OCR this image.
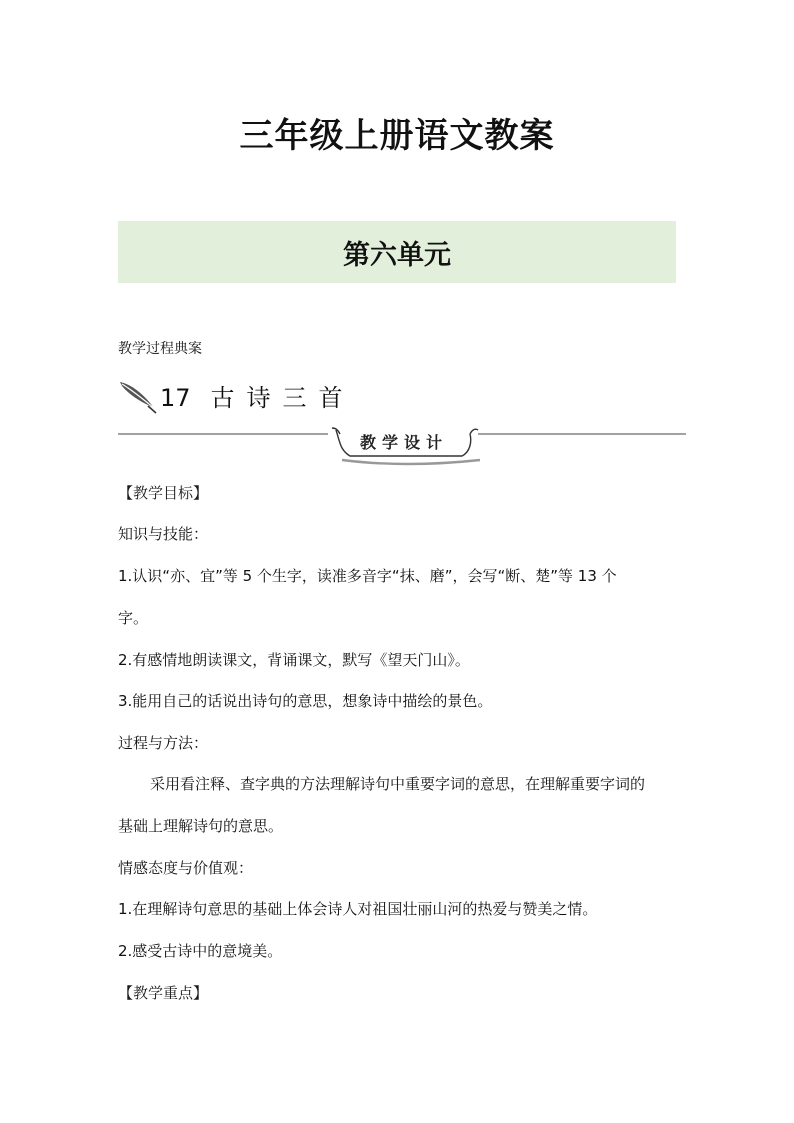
三年级上册语文教案
第六单元
教学过程典案
17 古诗三首
教学设计
【教学目标】
知识与技能：
1.认识“亦、宜”等 5 个生字，读准多音字“抹、磨”，会写“断、楚”等 13 个
字。
2.有感情地朗读课文，背诵课文，默写《望天门山》。
3.能用自己的话说出诗句的意思，想象诗中描绘的景色。
过程与方法：
采用看注释、查字典的方法理解诗句中重要字词的意思，在理解重要字词的
基础上理解诗句的意思。
情感态度与价值观：
1.在理解诗句意思的基础上体会诗人对祖国壮丽山河的热爱与赞美之情。
2.感受古诗中的意境美。
【教学重点】
